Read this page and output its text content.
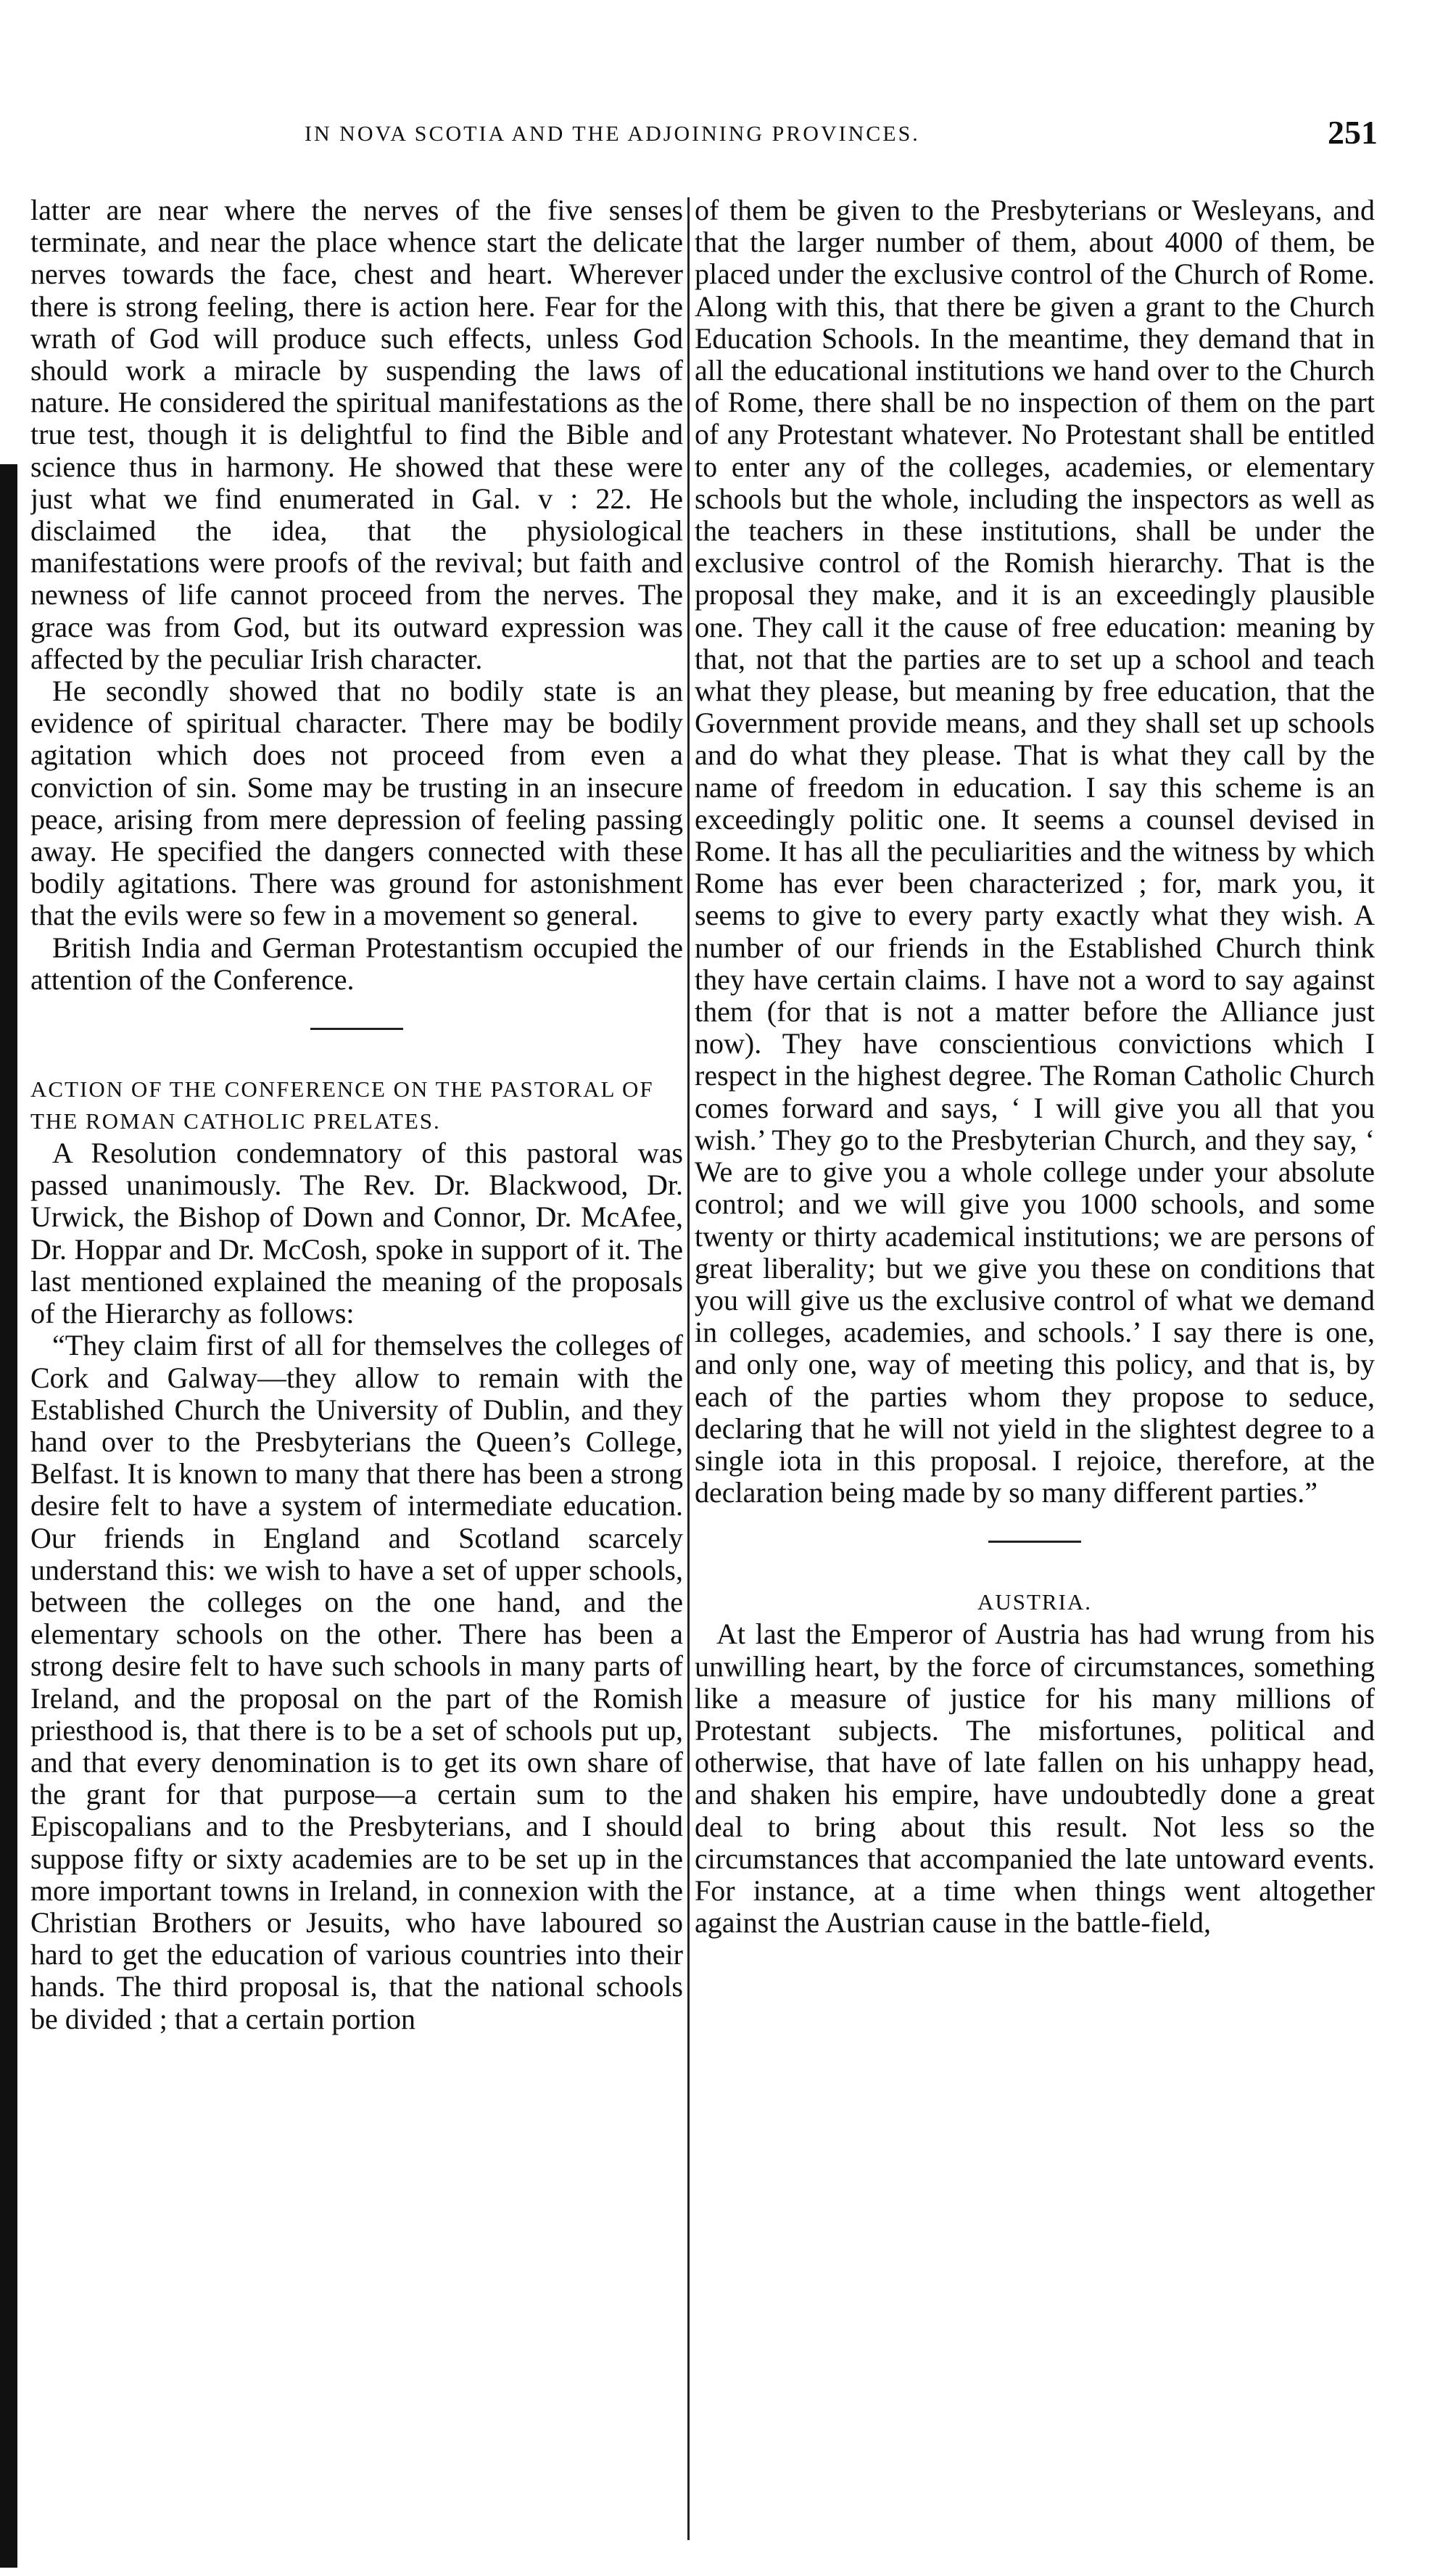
IN NOVA SCOTIA AND THE ADJOINING PROVINCES.	251

latter are near where the nerves of the five senses terminate, and near the place whence start the delicate nerves towards the face, chest and heart. Wherever there is strong feeling, there is action here. Fear for the wrath of God will produce such effects, unless God should work a miracle by suspending the laws of nature. He considered the spiritual manifestations as the true test, though it is delightful to find the Bible and science thus in harmony. He showed that these were just what we find enumerated in Gal. v : 22. He disclaimed the idea, that the physiological manifestations were proofs of the revival; but faith and newness of life cannot proceed from the nerves. The grace was from God, but its outward expression was affected by the peculiar Irish character.

He secondly showed that no bodily state is an evidence of spiritual character. There may be bodily agitation which does not proceed from even a conviction of sin. Some may be trusting in an insecure peace, arising from mere depression of feeling passing away. He specified the dangers connected with these bodily agitations. There was ground for astonishment that the evils were so few in a movement so general.

British India and German Protestantism occupied the attention of the Conference.

ACTION OF THE CONFERENCE ON THE PASTORAL OF THE ROMAN CATHOLIC PRELATES.

A Resolution condemnatory of this pastoral was passed unanimously. The Rev. Dr. Blackwood, Dr. Urwick, the Bishop of Down and Connor, Dr. McAfee, Dr. Hoppar and Dr. McCosh, spoke in support of it. The last mentioned explained the meaning of the proposals of the Hierarchy as follows:

“They claim first of all for themselves the colleges of Cork and Galway—they allow to remain with the Established Church the University of Dublin, and they hand over to the Presbyterians the Queen’s College, Belfast. It is known to many that there has been a strong desire felt to have a system of intermediate education. Our friends in England and Scotland scarcely understand this: we wish to have a set of upper schools, between the colleges on the one hand, and the elementary schools on the other. There has been a strong desire felt to have such schools in many parts of Ireland, and the proposal on the part of the Romish priesthood is, that there is to be a set of schools put up, and that every denomination is to get its own share of the grant for that purpose—a certain sum to the Episcopalians and to the Presbyterians, and I should suppose fifty or sixty academies are to be set up in the more important towns in Ireland, in connexion with the Christian Brothers or Jesuits, who have laboured so hard to get the education of various countries into their hands. The third proposal is, that the national schools be divided ; that a certain portion

of them be given to the Presbyterians or Wesleyans, and that the larger number of them, about 4000 of them, be placed under the exclusive control of the Church of Rome. Along with this, that there be given a grant to the Church Education Schools. In the meantime, they demand that in all the educational institutions we hand over to the Church of Rome, there shall be no inspection of them on the part of any Protestant whatever. No Protestant shall be entitled to enter any of the colleges, academies, or elementary schools but the whole, including the inspectors as well as the teachers in these institutions, shall be under the exclusive control of the Romish hierarchy. That is the proposal they make, and it is an exceedingly plausible one. They call it the cause of free education: meaning by that, not that the parties are to set up a school and teach what they please, but meaning by free education, that the Government provide means, and they shall set up schools and do what they please. That is what they call by the name of freedom in education. I say this scheme is an exceedingly politic one. It seems a counsel devised in Rome. It has all the peculiarities and the witness by which Rome has ever been characterized ; for, mark you, it seems to give to every party exactly what they wish. A number of our friends in the Established Church think they have certain claims. I have not a word to say against them (for that is not a matter before the Alliance just now). They have conscientious convictions which I respect in the highest degree. The Roman Catholic Church comes forward and says, ‘ I will give you all that you wish.’ They go to the Presbyterian Church, and they say, ‘ We are to give you a whole college under your absolute control; and we will give you 1000 schools, and some twenty or thirty academical institutions; we are persons of great liberality; but we give you these on conditions that you will give us the exclusive control of what we demand in colleges, academies, and schools.’ I say there is one, and only one, way of meeting this policy, and that is, by each of the parties whom they propose to seduce, declaring that he will not yield in the slightest degree to a single iota in this proposal. I rejoice, therefore, at the declaration being made by so many different parties.”

AUSTRIA.

At last the Emperor of Austria has had wrung from his unwilling heart, by the force of circumstances, something like a measure of justice for his many millions of Protestant subjects. The misfortunes, political and otherwise, that have of late fallen on his unhappy head, and shaken his empire, have undoubtedly done a great deal to bring about this result. Not less so the circumstances that accompanied the late untoward events. For instance, at a time when things went altogether against the Austrian cause in the battle-field,
